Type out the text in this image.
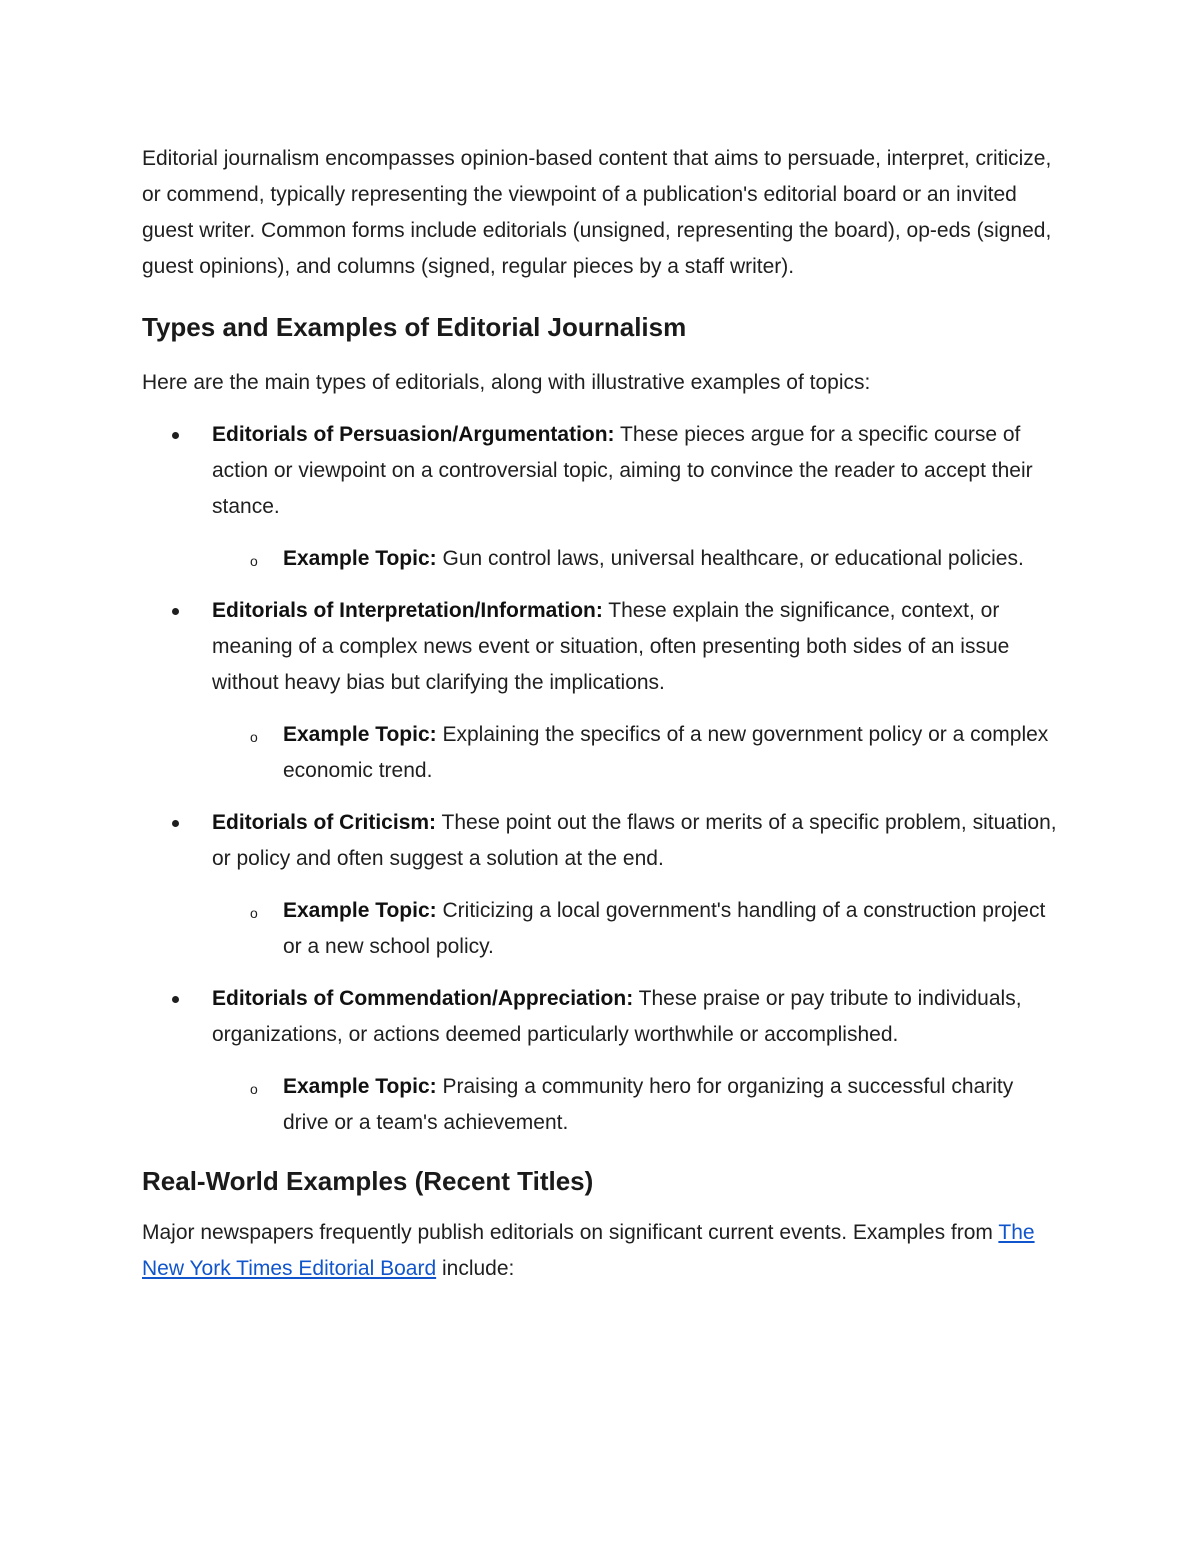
Editorial journalism encompasses opinion-based content that aims to persuade, interpret, criticize, or commend, typically representing the viewpoint of a publication's editorial board or an invited guest writer. Common forms include editorials (unsigned, representing the board), op-eds (signed, guest opinions), and columns (signed, regular pieces by a staff writer).

Types and Examples of Editorial Journalism

Here are the main types of editorials, along with illustrative examples of topics:

Editorials of Persuasion/Argumentation: These pieces argue for a specific course of action or viewpoint on a controversial topic, aiming to convince the reader to accept their stance.

o Example Topic: Gun control laws, universal healthcare, or educational policies.

Editorials of Interpretation/Information: These explain the significance, context, or meaning of a complex news event or situation, often presenting both sides of an issue without heavy bias but clarifying the implications.

o Example Topic: Explaining the specifics of a new government policy or a complex economic trend.

Editorials of Criticism: These point out the flaws or merits of a specific problem, situation, or policy and often suggest a solution at the end.

o Example Topic: Criticizing a local government's handling of a construction project or a new school policy.

Editorials of Commendation/Appreciation: These praise or pay tribute to individuals, organizations, or actions deemed particularly worthwhile or accomplished.

o Example Topic: Praising a community hero for organizing a successful charity drive or a team's achievement.

Real-World Examples (Recent Titles)

Major newspapers frequently publish editorials on significant current events. Examples from The New York Times Editorial Board include:
